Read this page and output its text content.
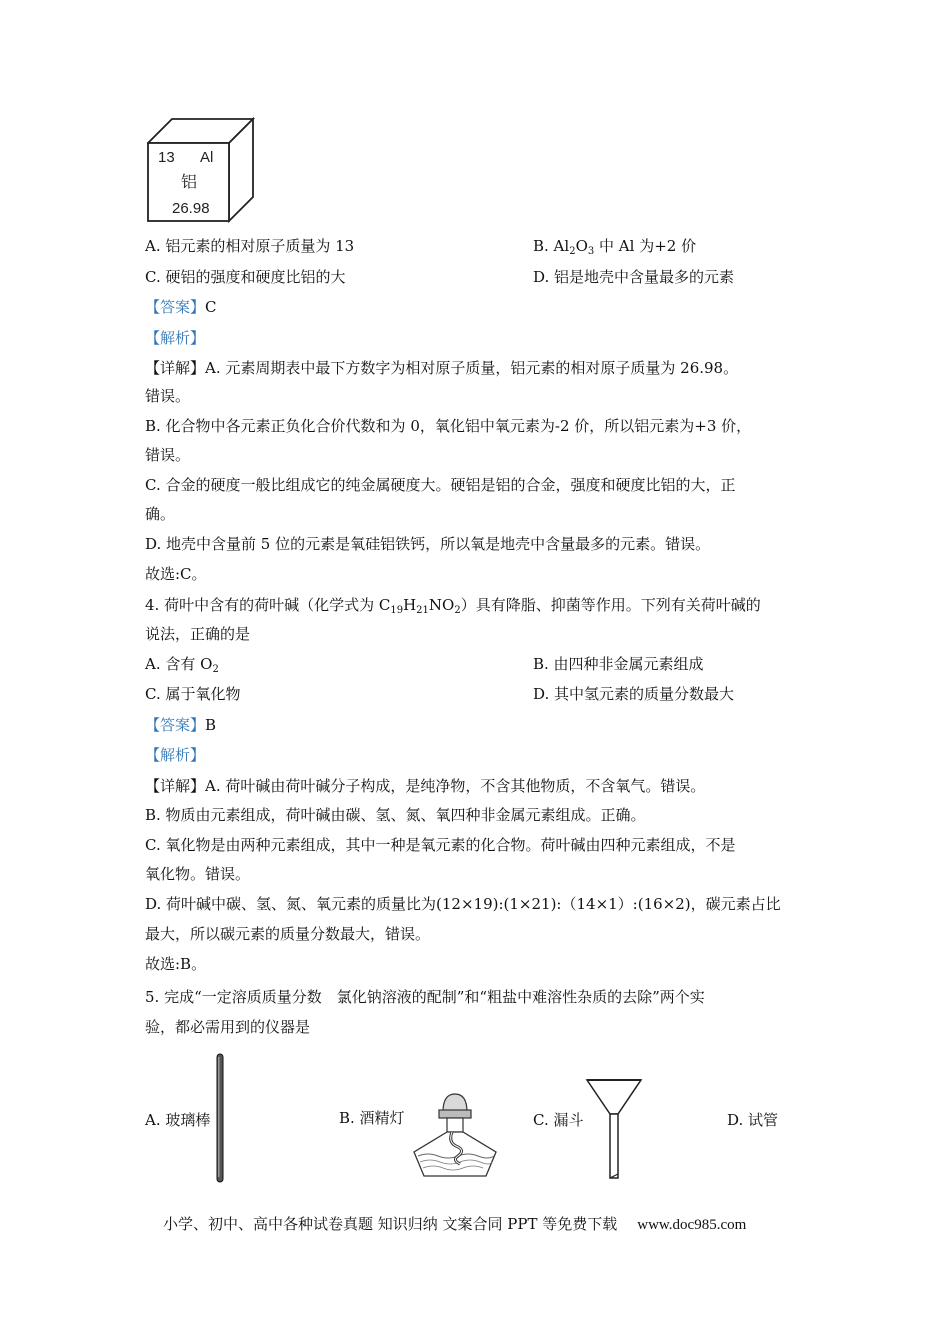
13 Al
铝
26.98
A. 铝元素的相对原子质量为 13	B. $Al_2O_3$ 中 Al 为+2 价
C. 硬铝的强度和硬度比铝的大	D. 铝是地壳中含量最多的元素
【答案】C
【解析】
【详解】A. 元素周期表中最下方数字为相对原子质量，铝元素的相对原子质量为 26.98。
错误。
B. 化合物中各元素正负化合价代数和为 0，氧化铝中氧元素为-2 价，所以铝元素为+3 价，
错误。
C. 合金的硬度一般比组成它的纯金属硬度大。硬铝是铝的合金，强度和硬度比铝的大，正
确。
D. 地壳中含量前 5 位的元素是氧硅铝铁钙，所以氧是地壳中含量最多的元素。错误。
故选:C。
4. 荷叶中含有的荷叶碱（化学式为 $C_{19}H_{21}NO_2$）具有降脂、抑菌等作用。下列有关荷叶碱的
说法，正确的是
A. 含有 $O_2$	B. 由四种非金属元素组成
C. 属于氧化物	D. 其中氢元素的质量分数最大
【答案】B
【解析】
【详解】A. 荷叶碱由荷叶碱分子构成，是纯净物，不含其他物质，不含氧气。错误。
B. 物质由元素组成，荷叶碱由碳、氢、氮、氧四种非金属元素组成。正确。
C. 氧化物是由两种元素组成，其中一种是氧元素的化合物。荷叶碱由四种元素组成，不是
氧化物。错误。
D. 荷叶碱中碳、氢、氮、氧元素的质量比为(12×19):(1×21):（14×1）:(16×2)，碳元素占比
最大，所以碳元素的质量分数最大，错误。
故选:B。
5. 完成“一定溶质质量分数　氯化钠溶液的配制”和“粗盐中难溶性杂质的去除”两个实
验，都必需用到的仪器是
A. 玻璃棒	B. 酒精灯	C. 漏斗	D. 试管
小学、初中、高中各种试卷真题 知识归纳 文案合同 PPT 等免费下载 www.doc985.com
